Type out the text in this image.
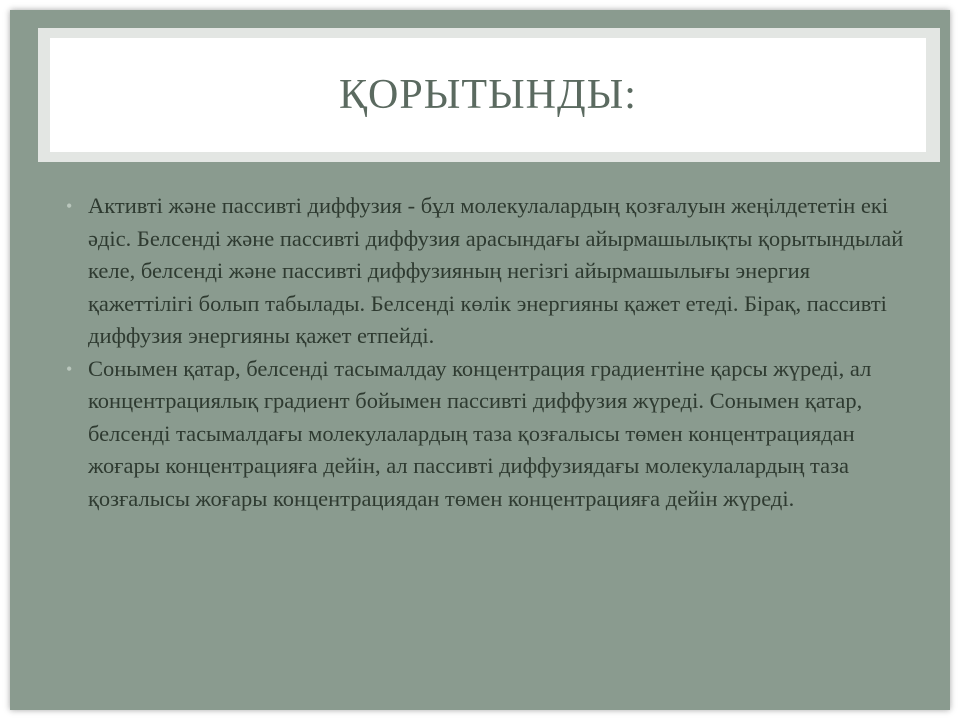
ҚОРЫТЫНДЫ:
• Активті және пассивті диффузия - бұл молекулалардың қозғалуын жеңілдететін екі әдіс. Белсенді және пассивті диффузия арасындағы айырмашылықты қорытындылай келе, белсенді және пассивті диффузияның негізгі айырмашылығы энергия қажеттілігі болып табылады. Белсенді көлік энергияны қажет етеді. Бірақ, пассивті диффузия энергияны қажет етпейді.
• Сонымен қатар, белсенді тасымалдау концентрация градиентіне қарсы жүреді, ал концентрациялық градиент бойымен пассивті диффузия жүреді. Сонымен қатар, белсенді тасымалдағы молекулалардың таза қозғалысы төмен концентрациядан жоғары концентрацияға дейін, ал пассивті диффузиядағы молекулалардың таза қозғалысы жоғары концентрациядан төмен концентрацияға дейін жүреді.
